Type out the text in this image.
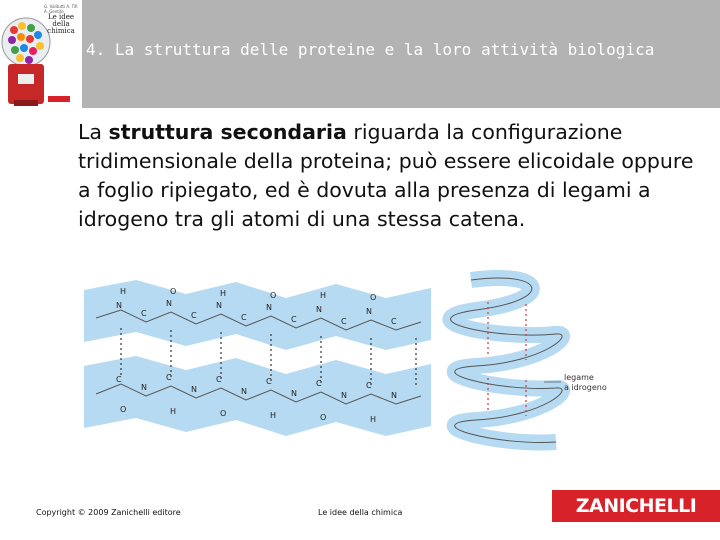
G. Valitutti A. Tifi A. Gentile
Le idee della chimica
4. La struttura delle proteine e la loro attività biologica
La struttura secondaria riguarda la configurazione tridimensionale della proteina; può essere elicoidale oppure a foglio ripiegato, ed è dovuta alla presenza di legami a idrogeno tra gli atomi di una stessa catena.
N
C
N
C
N
C
N
C
N
C
N
C
C
N
C
N
C
N
C
N
C
N
C
N
H	O	H	O	H	O
O	H	O	H	O	H
legame
a idrogeno
Copyright © 2009 Zanichelli editore	Le idee della chimica	ZANICHELLI
